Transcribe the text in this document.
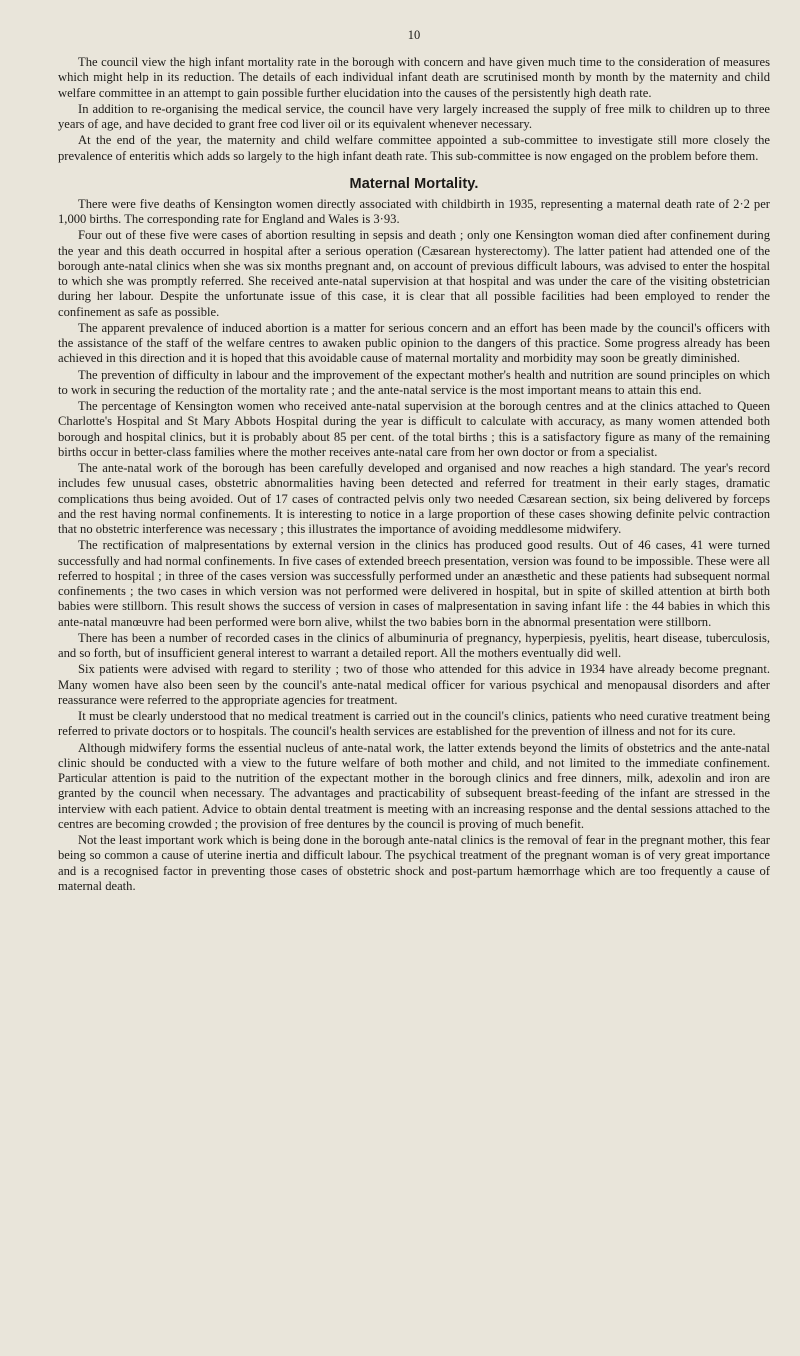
10

The council view the high infant mortality rate in the borough with concern and have given much time to the consideration of measures which might help in its reduction. The details of each individual infant death are scrutinised month by month by the maternity and child welfare committee in an attempt to gain possible further elucidation into the causes of the persistently high death rate.

In addition to re-organising the medical service, the council have very largely increased the supply of free milk to children up to three years of age, and have decided to grant free cod liver oil or its equivalent whenever necessary.

At the end of the year, the maternity and child welfare committee appointed a sub-committee to investigate still more closely the prevalence of enteritis which adds so largely to the high infant death rate. This sub-committee is now engaged on the problem before them.

Maternal Mortality.

There were five deaths of Kensington women directly associated with childbirth in 1935, representing a maternal death rate of 2·2 per 1,000 births. The corresponding rate for England and Wales is 3·93.

Four out of these five were cases of abortion resulting in sepsis and death ; only one Kensington woman died after confinement during the year and this death occurred in hospital after a serious operation (Cæsarean hysterectomy). The latter patient had attended one of the borough ante-natal clinics when she was six months pregnant and, on account of previous difficult labours, was advised to enter the hospital to which she was promptly referred. She received ante-natal supervision at that hospital and was under the care of the visiting obstetrician during her labour. Despite the unfortunate issue of this case, it is clear that all possible facilities had been employed to render the confinement as safe as possible.

The apparent prevalence of induced abortion is a matter for serious concern and an effort has been made by the council's officers with the assistance of the staff of the welfare centres to awaken public opinion to the dangers of this practice. Some progress already has been achieved in this direction and it is hoped that this avoidable cause of maternal mortality and morbidity may soon be greatly diminished.

The prevention of difficulty in labour and the improvement of the expectant mother's health and nutrition are sound principles on which to work in securing the reduction of the mortality rate ; and the ante-natal service is the most important means to attain this end.

The percentage of Kensington women who received ante-natal supervision at the borough centres and at the clinics attached to Queen Charlotte's Hospital and St Mary Abbots Hospital during the year is difficult to calculate with accuracy, as many women attended both borough and hospital clinics, but it is probably about 85 per cent. of the total births ; this is a satisfactory figure as many of the remaining births occur in better-class families where the mother receives ante-natal care from her own doctor or from a specialist.

The ante-natal work of the borough has been carefully developed and organised and now reaches a high standard. The year's record includes few unusual cases, obstetric abnormalities having been detected and referred for treatment in their early stages, dramatic complications thus being avoided. Out of 17 cases of contracted pelvis only two needed Cæsarean section, six being delivered by forceps and the rest having normal confinements. It is interesting to notice in a large proportion of these cases showing definite pelvic contraction that no obstetric interference was necessary ; this illustrates the importance of avoiding meddlesome midwifery.

The rectification of malpresentations by external version in the clinics has produced good results. Out of 46 cases, 41 were turned successfully and had normal confinements. In five cases of extended breech presentation, version was found to be impossible. These were all referred to hospital ; in three of the cases version was successfully performed under an anæsthetic and these patients had subsequent normal confinements ; the two cases in which version was not performed were delivered in hospital, but in spite of skilled attention at birth both babies were stillborn. This result shows the success of version in cases of malpresentation in saving infant life : the 44 babies in which this ante-natal manœuvre had been performed were born alive, whilst the two babies born in the abnormal presentation were stillborn.

There has been a number of recorded cases in the clinics of albuminuria of pregnancy, hyperpiesis, pyelitis, heart disease, tuberculosis, and so forth, but of insufficient general interest to warrant a detailed report. All the mothers eventually did well.

Six patients were advised with regard to sterility ; two of those who attended for this advice in 1934 have already become pregnant. Many women have also been seen by the council's ante-natal medical officer for various psychical and menopausal disorders and after reassurance were referred to the appropriate agencies for treatment.

It must be clearly understood that no medical treatment is carried out in the council's clinics, patients who need curative treatment being referred to private doctors or to hospitals. The council's health services are established for the prevention of illness and not for its cure.

Although midwifery forms the essential nucleus of ante-natal work, the latter extends beyond the limits of obstetrics and the ante-natal clinic should be conducted with a view to the future welfare of both mother and child, and not limited to the immediate confinement. Particular attention is paid to the nutrition of the expectant mother in the borough clinics and free dinners, milk, adexolin and iron are granted by the council when necessary. The advantages and practicability of subsequent breast-feeding of the infant are stressed in the interview with each patient. Advice to obtain dental treatment is meeting with an increasing response and the dental sessions attached to the centres are becoming crowded ; the provision of free dentures by the council is proving of much benefit.

Not the least important work which is being done in the borough ante-natal clinics is the removal of fear in the pregnant mother, this fear being so common a cause of uterine inertia and difficult labour. The psychical treatment of the pregnant woman is of very great importance and is a recognised factor in preventing those cases of obstetric shock and post-partum hæmorrhage which are too frequently a cause of maternal death.
